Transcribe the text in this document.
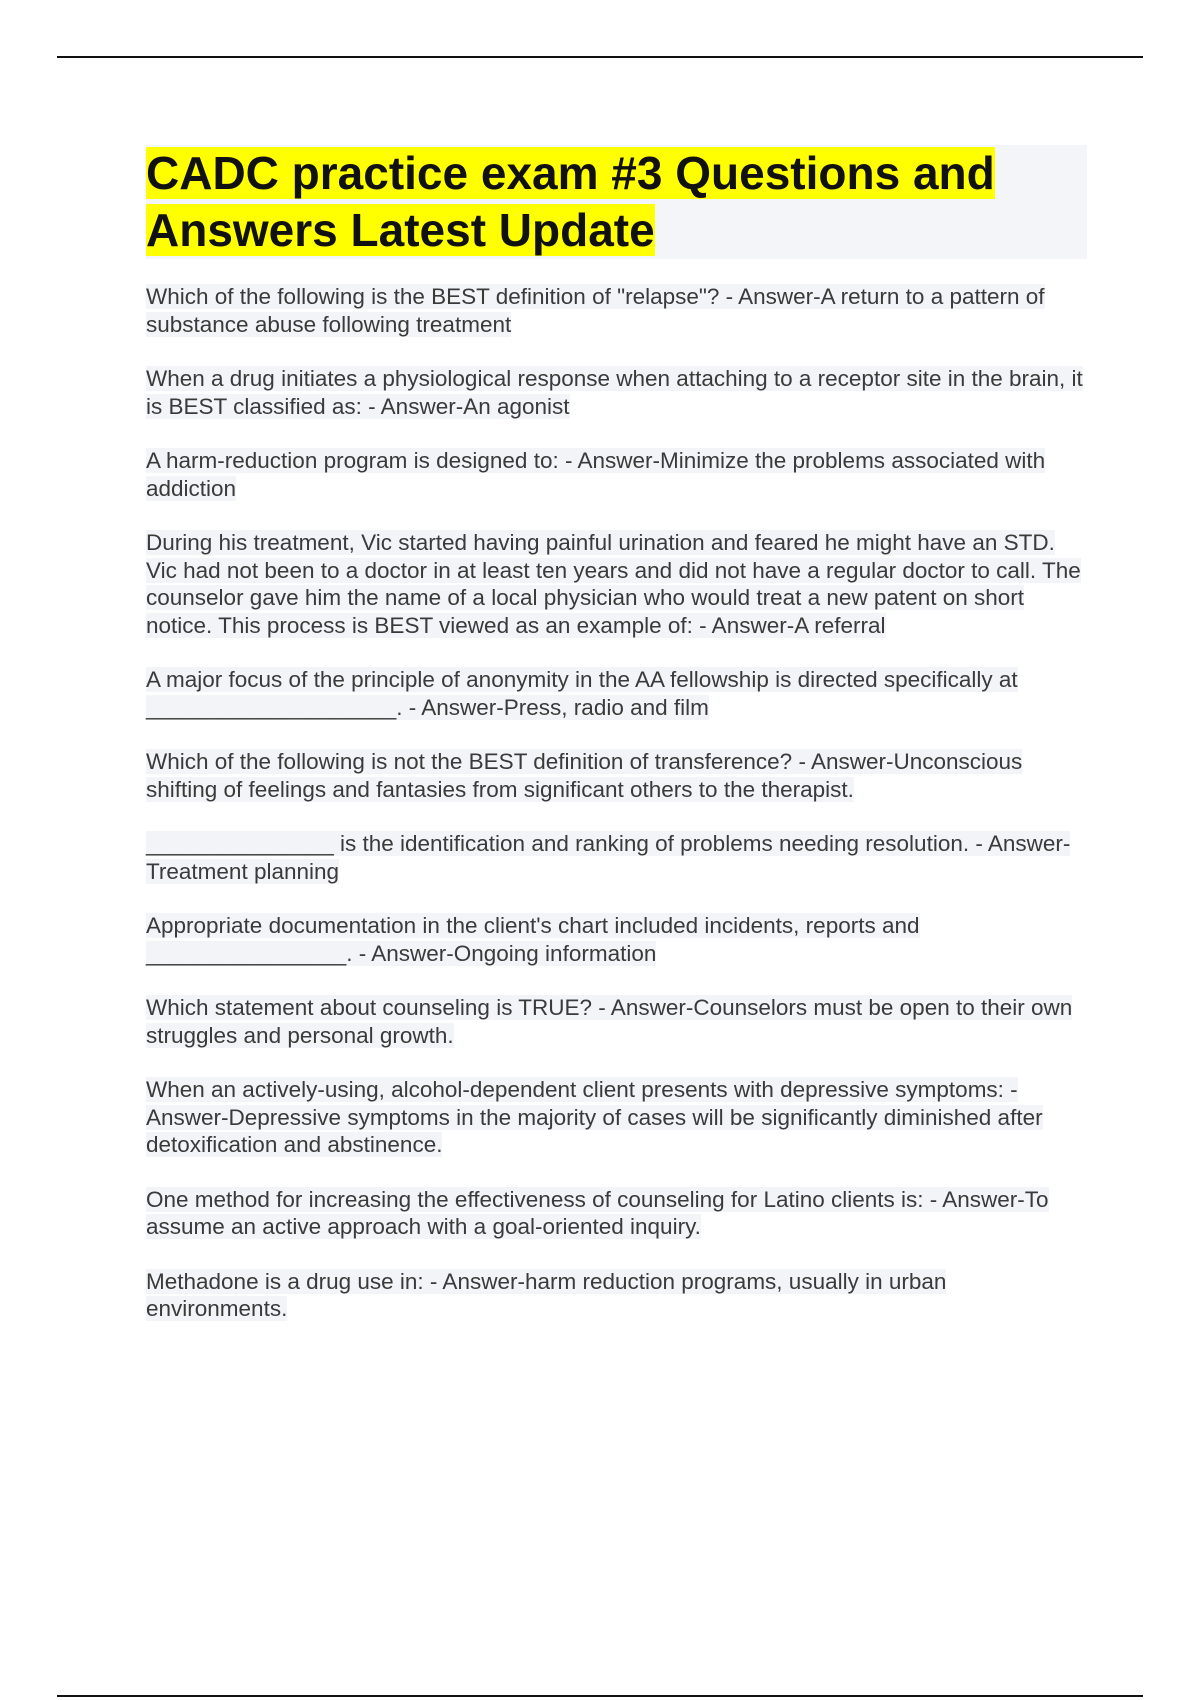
CADC practice exam #3 Questions and Answers Latest Update

Which of the following is the BEST definition of "relapse"? - Answer-A return to a pattern of substance abuse following treatment

When a drug initiates a physiological response when attaching to a receptor site in the brain, it is BEST classified as: - Answer-An agonist

A harm-reduction program is designed to: - Answer-Minimize the problems associated with addiction

During his treatment, Vic started having painful urination and feared he might have an STD. Vic had not been to a doctor in at least ten years and did not have a regular doctor to call. The counselor gave him the name of a local physician who would treat a new patent on short notice. This process is BEST viewed as an example of: - Answer-A referral

A major focus of the principle of anonymity in the AA fellowship is directed specifically at ____________________. - Answer-Press, radio and film

Which of the following is not the BEST definition of transference? - Answer-Unconscious shifting of feelings and fantasies from significant others to the therapist.

_______________ is the identification and ranking of problems needing resolution. - Answer-Treatment planning

Appropriate documentation in the client's chart included incidents, reports and ________________. - Answer-Ongoing information

Which statement about counseling is TRUE? - Answer-Counselors must be open to their own struggles and personal growth.

When an actively-using, alcohol-dependent client presents with depressive symptoms: - Answer-Depressive symptoms in the majority of cases will be significantly diminished after detoxification and abstinence.

One method for increasing the effectiveness of counseling for Latino clients is: - Answer-To assume an active approach with a goal-oriented inquiry.

Methadone is a drug use in: - Answer-harm reduction programs, usually in urban environments.
